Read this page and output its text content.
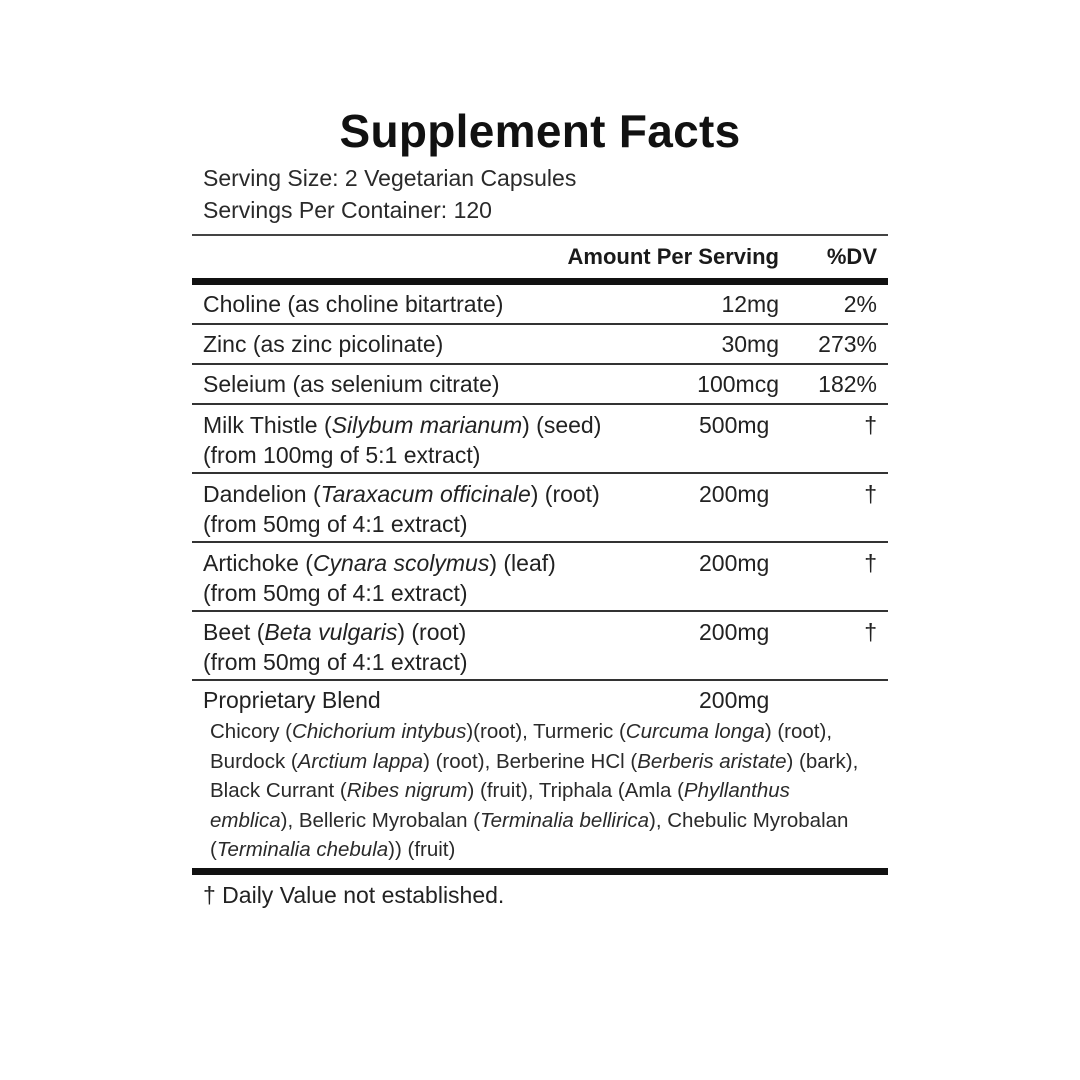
Supplement Facts
Serving Size: 2 Vegetarian Capsules
Servings Per Container: 120
Amount Per Serving	%DV
Choline (as choline bitartrate)	12mg	2%
Zinc (as zinc picolinate)	30mg	273%
Seleium (as selenium citrate)	100mcg	182%
Milk Thistle (Silybum marianum) (seed)
(from 100mg of 5:1 extract)
500mg	†
Dandelion (Taraxacum officinale) (root)
(from 50mg of 4:1 extract)
200mg	†
Artichoke (Cynara scolymus) (leaf)
(from 50mg of 4:1 extract)
200mg	†
Beet (Beta vulgaris) (root)
(from 50mg of 4:1 extract)
200mg	†
Proprietary Blend	200mg
Chicory (Chichorium intybus)(root), Turmeric (Curcuma longa) (root), Burdock (Arctium lappa) (root), Berberine HCl (Berberis aristate) (bark), Black Currant (Ribes nigrum) (fruit), Triphala (Amla (Phyllanthus emblica), Belleric Myrobalan (Terminalia bellirica), Chebulic Myrobalan (Terminalia chebula)) (fruit)
† Daily Value not established.
